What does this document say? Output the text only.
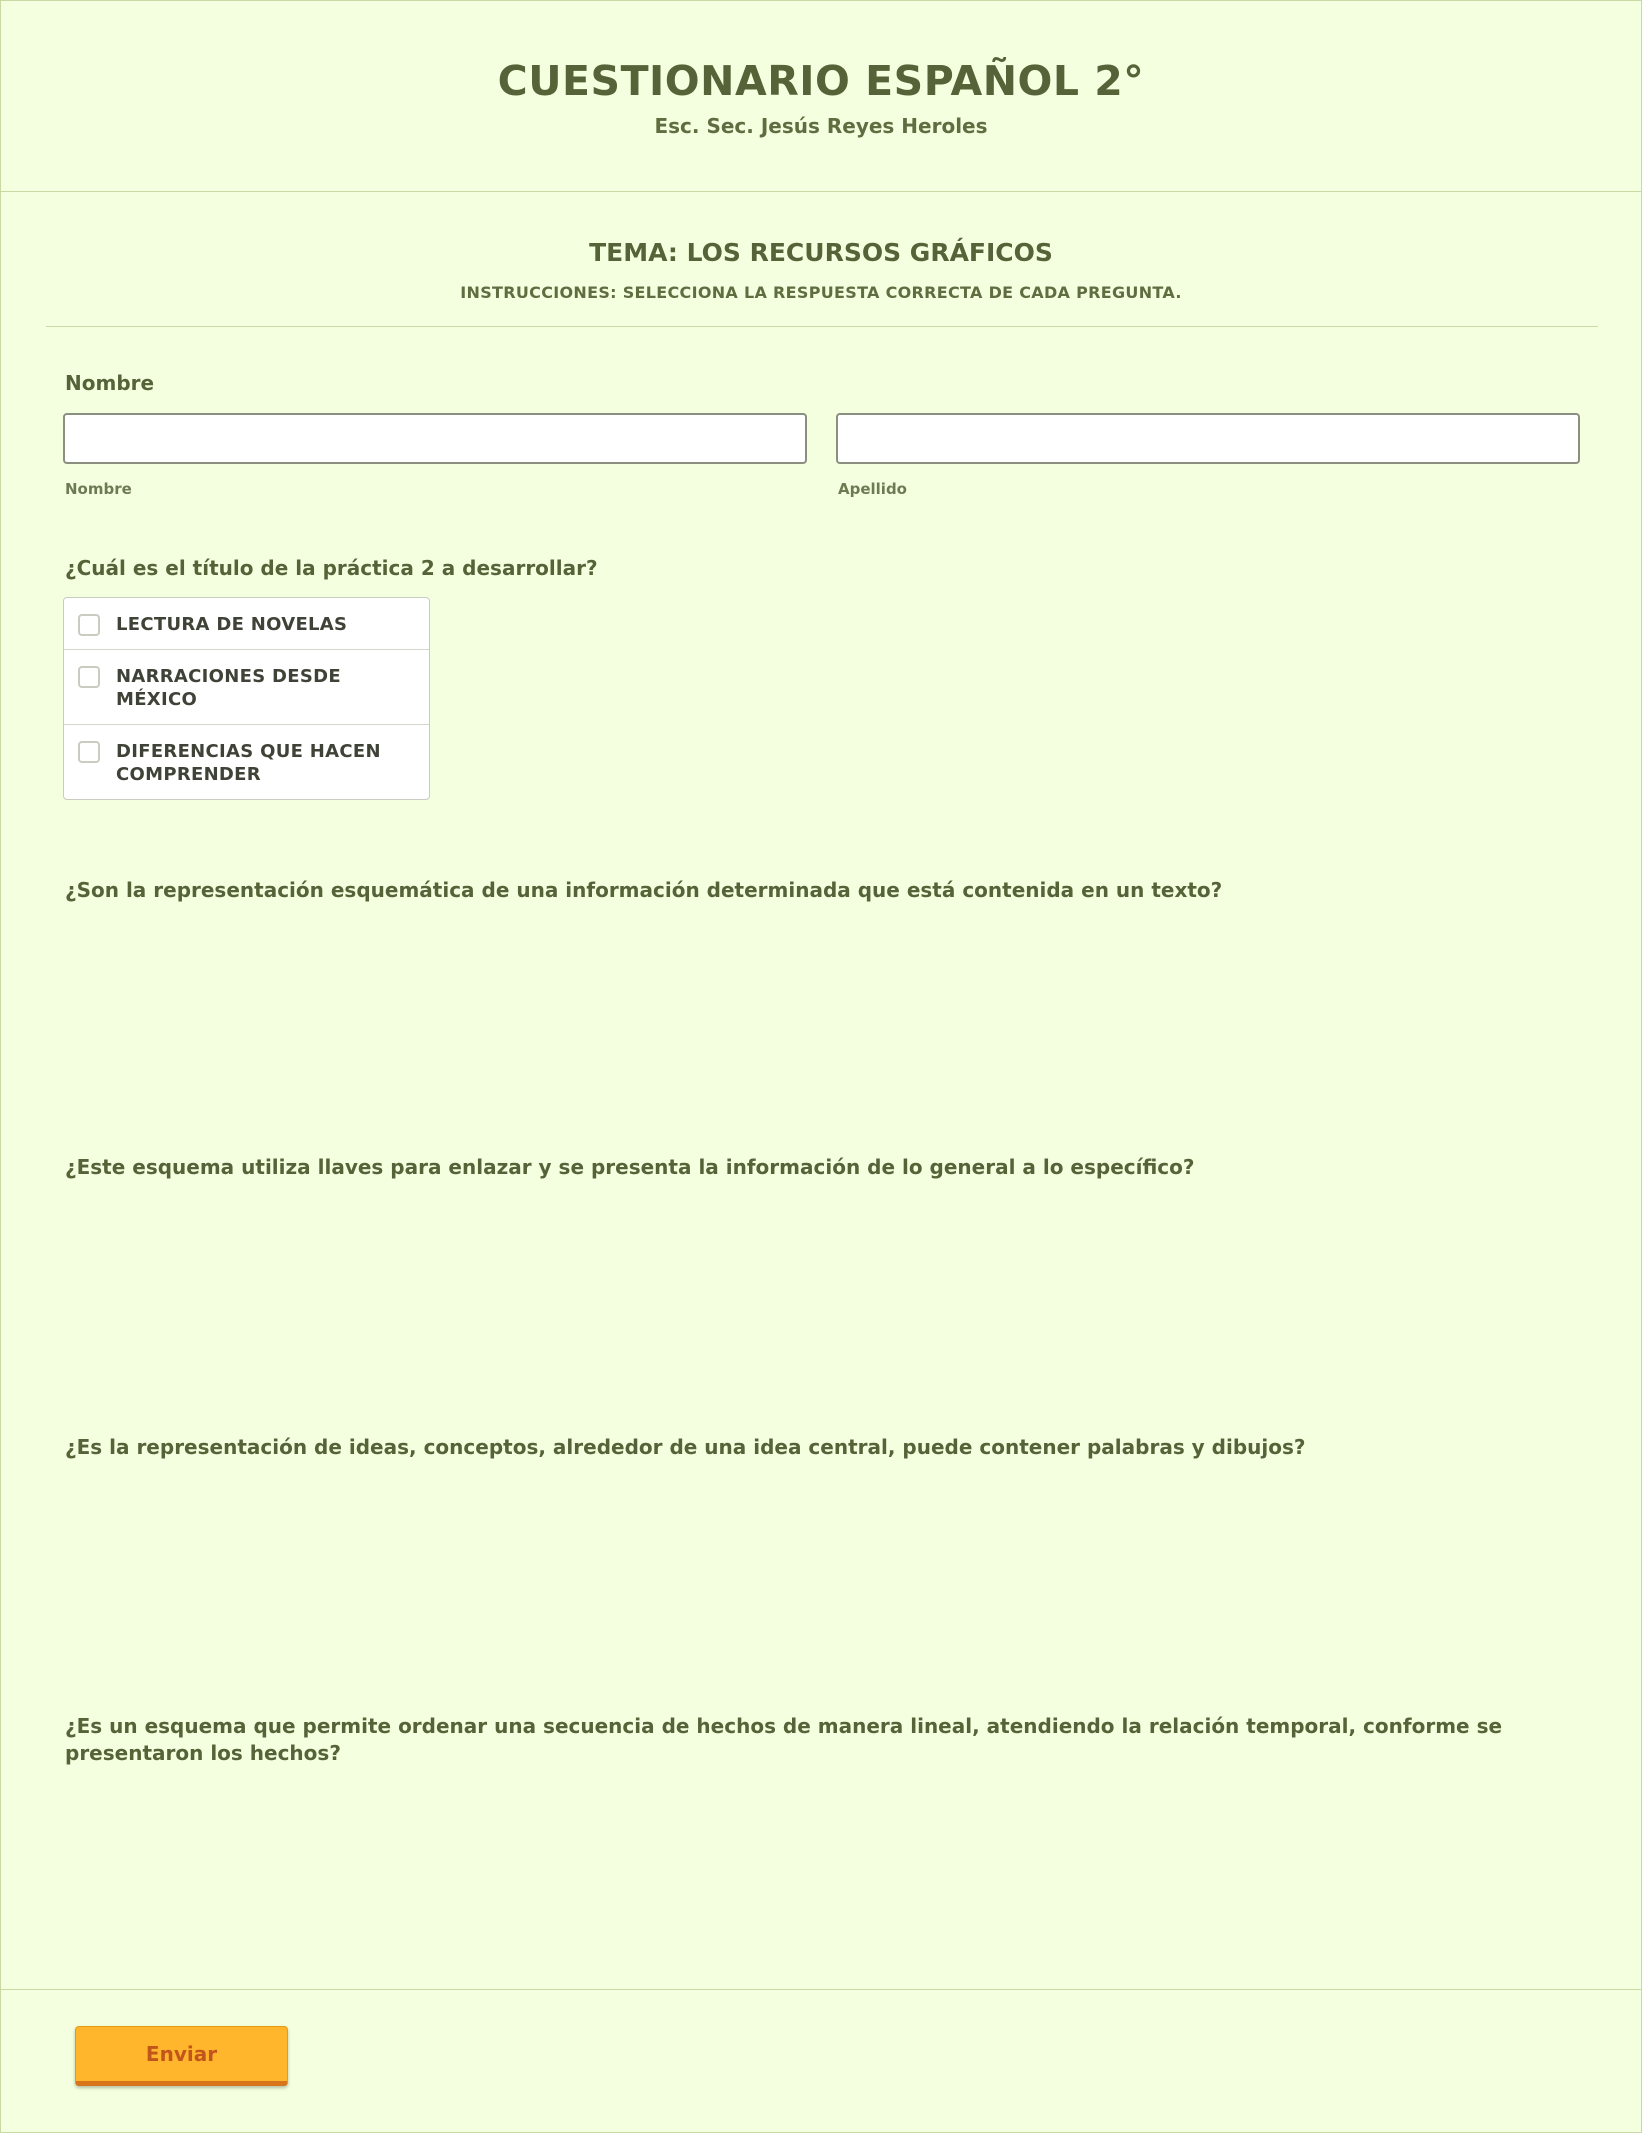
CUESTIONARIO ESPAÑOL 2°
Esc. Sec. Jesús Reyes Heroles
TEMA: LOS RECURSOS GRÁFICOS
INSTRUCCIONES: SELECCIONA LA RESPUESTA CORRECTA DE CADA PREGUNTA.
Nombre
Nombre	Apellido

¿Cuál es el título de la práctica 2 a desarrollar?

LECTURA DE NOVELAS
NARRACIONES DESDE MÉXICO
DIFERENCIAS QUE HACEN COMPRENDER

¿Son la representación esquemática de una información determinada que está contenida en un texto?

¿Este esquema utiliza llaves para enlazar y se presenta la información de lo general a lo específico?

¿Es la representación de ideas, conceptos, alrededor de una idea central, puede contener palabras y dibujos?

¿Es un esquema que permite ordenar una secuencia de hechos de manera lineal, atendiendo la relación temporal, conforme se presentaron los hechos?

Enviar
